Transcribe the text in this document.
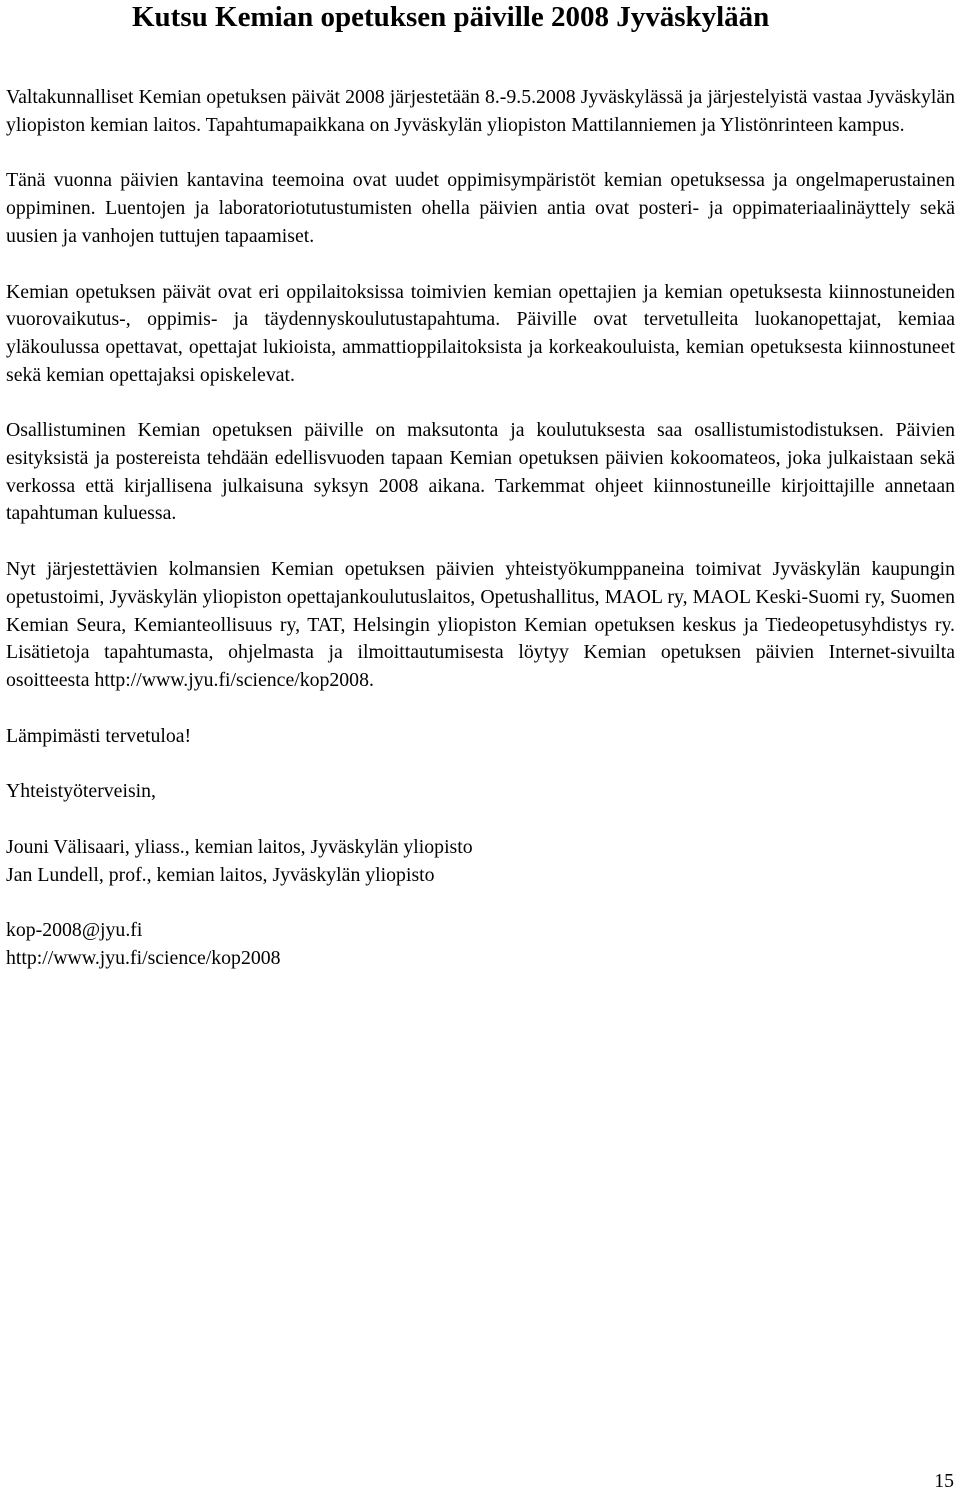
Kutsu Kemian opetuksen päiville 2008 Jyväskylään

Valtakunnalliset Kemian opetuksen päivät 2008 järjestetään 8.-9.5.2008 Jyväskylässä ja järjestelyistä vastaa Jyväskylän yliopiston kemian laitos. Tapahtumapaikkana on Jyväskylän yliopiston Mattilanniemen ja Ylistönrinteen kampus.

Tänä vuonna päivien kantavina teemoina ovat uudet oppimisympäristöt kemian opetuksessa ja ongelmaperustainen oppiminen. Luentojen ja laboratoriotutustumisten ohella päivien antia ovat posteri- ja oppimateriaalinäyttely sekä uusien ja vanhojen tuttujen tapaamiset.

Kemian opetuksen päivät ovat eri oppilaitoksissa toimivien kemian opettajien ja kemian opetuksesta kiinnostuneiden vuorovaikutus-, oppimis- ja täydennyskoulutustapahtuma. Päiville ovat tervetulleita luokanopettajat, kemiaa yläkoulussa opettavat, opettajat lukioista, ammattioppilaitoksista ja korkeakouluista, kemian opetuksesta kiinnostuneet sekä kemian opettajaksi opiskelevat.

Osallistuminen Kemian opetuksen päiville on maksutonta ja koulutuksesta saa osallistumistodistuksen. Päivien esityksistä ja postereista tehdään edellisvuoden tapaan Kemian opetuksen päivien kokoomateos, joka julkaistaan sekä verkossa että kirjallisena julkaisuna syksyn 2008 aikana. Tarkemmat ohjeet kiinnostuneille kirjoittajille annetaan tapahtuman kuluessa.

Nyt järjestettävien kolmansien Kemian opetuksen päivien yhteistyökumppaneina toimivat Jyväskylän kaupungin opetustoimi, Jyväskylän yliopiston opettajankoulutuslaitos, Opetushallitus, MAOL ry, MAOL Keski-Suomi ry, Suomen Kemian Seura, Kemianteollisuus ry, TAT, Helsingin yliopiston Kemian opetuksen keskus ja Tiedeopetusyhdistys ry. Lisätietoja tapahtumasta, ohjelmasta ja ilmoittautumisesta löytyy Kemian opetuksen päivien Internet-sivuilta osoitteesta http://www.jyu.fi/science/kop2008.

Lämpimästi tervetuloa!

Yhteistyöterveisin,

Jouni Välisaari, yliass., kemian laitos, Jyväskylän yliopisto

Jan Lundell, prof., kemian laitos, Jyväskylän yliopisto

kop-2008@jyu.fi

http://www.jyu.fi/science/kop2008

15
